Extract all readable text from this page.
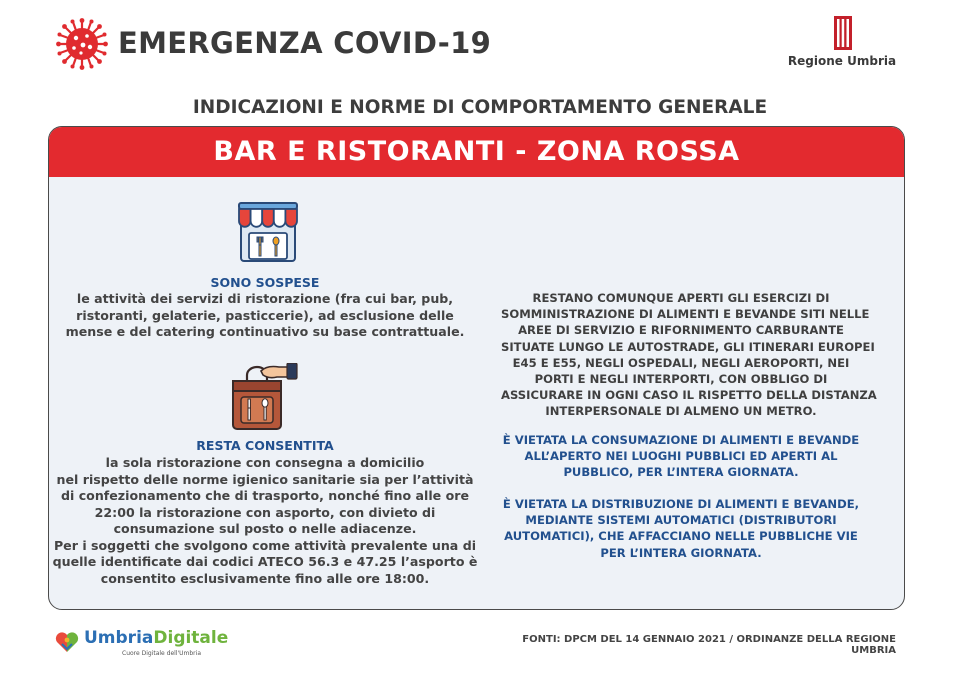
EMERGENZA COVID-19
Regione Umbria
INDICAZIONI E NORME DI COMPORTAMENTO GENERALE
BAR E RISTORANTI - ZONA ROSSA
SONO SOSPESE
le attività dei servizi di ristorazione (fra cui bar, pub,
ristoranti, gelaterie, pasticcerie), ad esclusione delle
mense e del catering continuativo su base contrattuale.
RESTA CONSENTITA
la sola ristorazione con consegna a domicilio
nel rispetto delle norme igienico sanitarie sia per l’attività
di confezionamento che di trasporto, nonché fino alle ore
22:00 la ristorazione con asporto, con divieto di
consumazione sul posto o nelle adiacenze.
Per i soggetti che svolgono come attività prevalente una di
quelle identificate dai codici ATECO 56.3 e 47.25 l’asporto è
consentito esclusivamente fino alle ore 18:00.
RESTANO COMUNQUE APERTI GLI ESERCIZI DI
SOMMINISTRAZIONE DI ALIMENTI E BEVANDE SITI NELLE
AREE DI SERVIZIO E RIFORNIMENTO CARBURANTE
SITUATE LUNGO LE AUTOSTRADE, GLI ITINERARI EUROPEI
E45 E E55, NEGLI OSPEDALI, NEGLI AEROPORTI, NEI
PORTI E NEGLI INTERPORTI, CON OBBLIGO DI
ASSICURARE IN OGNI CASO IL RISPETTO DELLA DISTANZA
INTERPERSONALE DI ALMENO UN METRO.
È VIETATA LA CONSUMAZIONE DI ALIMENTI E BEVANDE
ALL’APERTO NEI LUOGHI PUBBLICI ED APERTI AL
PUBBLICO, PER L’INTERA GIORNATA.
È VIETATA LA DISTRIBUZIONE DI ALIMENTI E BEVANDE,
MEDIANTE SISTEMI AUTOMATICI (DISTRIBUTORI
AUTOMATICI), CHE AFFACCIANO NELLE PUBBLICHE VIE
PER L’INTERA GIORNATA.
UmbriaDigitale
Cuore Digitale dell'Umbria
FONTI: DPCM DEL 14 GENNAIO 2021 / ORDINANZE DELLA REGIONE UMBRIA
